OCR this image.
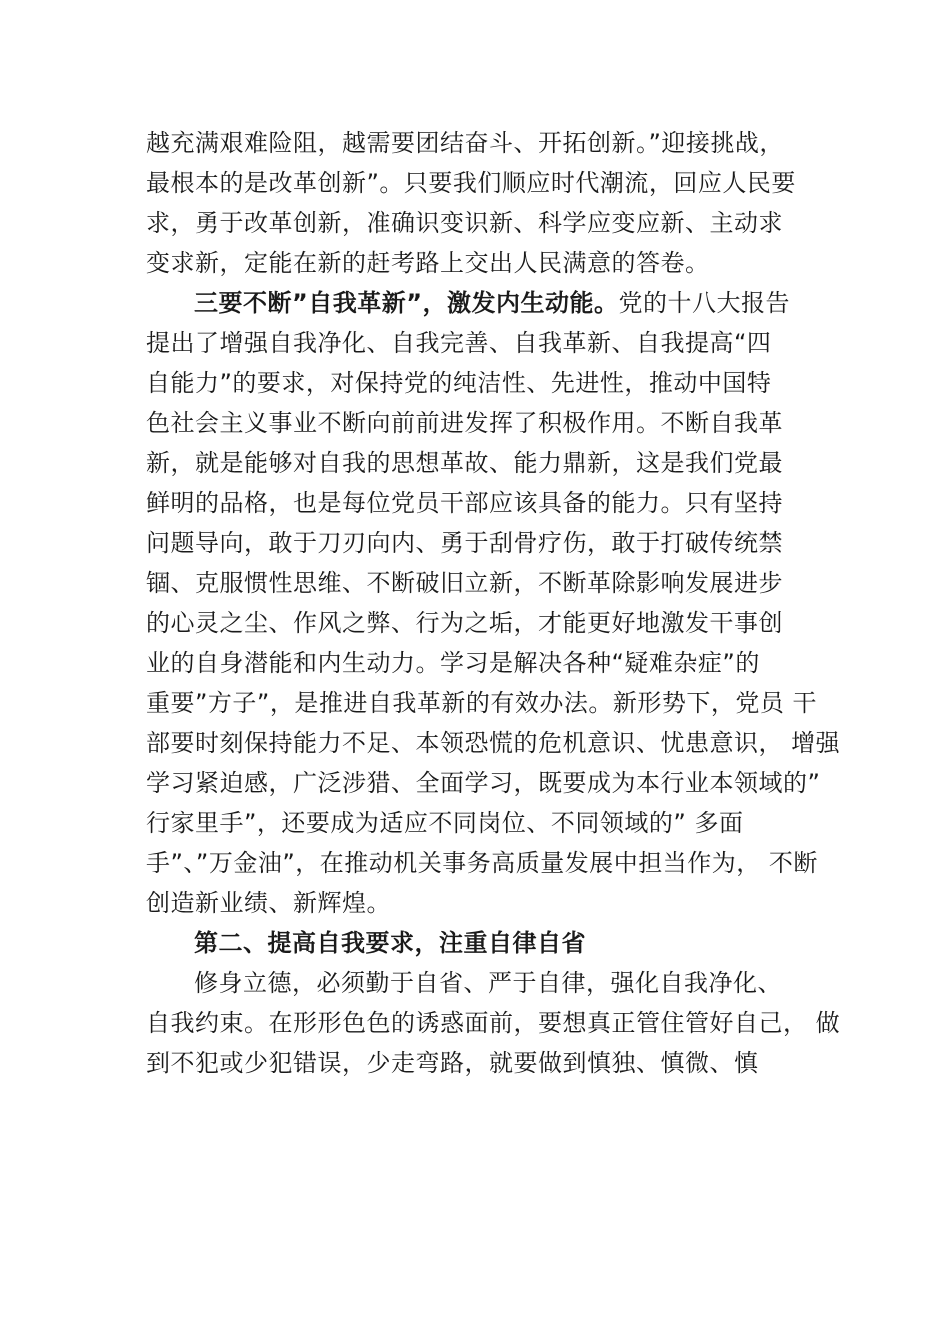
越充满艰难险阻，越需要团结奋斗、开拓创新。”迎接挑战，
最根本的是改革创新”。只要我们顺应时代潮流，回应人民要
求，勇于改革创新，准确识变识新、科学应变应新、主动求
变求新，定能在新的赶考路上交出人民满意的答卷。
三要不断”自我革新”，激发内生动能。党的十八大报告
提出了增强自我净化、自我完善、自我革新、自我提高“四
自能力”的要求，对保持党的纯洁性、先进性，推动中国特
色社会主义事业不断向前前进发挥了积极作用。不断自我革
新，就是能够对自我的思想革故、能力鼎新，这是我们党最
鲜明的品格，也是每位党员干部应该具备的能力。只有坚持
问题导向，敢于刀刃向内、勇于刮骨疗伤，敢于打破传统禁
锢、克服惯性思维、不断破旧立新，不断革除影响发展进步
的心灵之尘、作风之弊、行为之垢，才能更好地激发干事创
业的自身潜能和内生动力。学习是解决各种“疑难杂症”的
重要”方子”，是推进自我革新的有效办法。新形势下，党员 干
部要时刻保持能力不足、本领恐慌的危机意识、忧患意识， 增强
学习紧迫感，广泛涉猎、全面学习，既要成为本行业本领域的”
行家里手”，还要成为适应不同岗位、不同领域的” 多面
手”、”万金油”，在推动机关事务高质量发展中担当作为， 不断
创造新业绩、新辉煌。
第二、提高自我要求，注重自律自省
修身立德，必须勤于自省、严于自律，强化自我净化、
自我约束。在形形色色的诱惑面前，要想真正管住管好自己， 做
到不犯或少犯错误，少走弯路，就要做到慎独、慎微、慎
